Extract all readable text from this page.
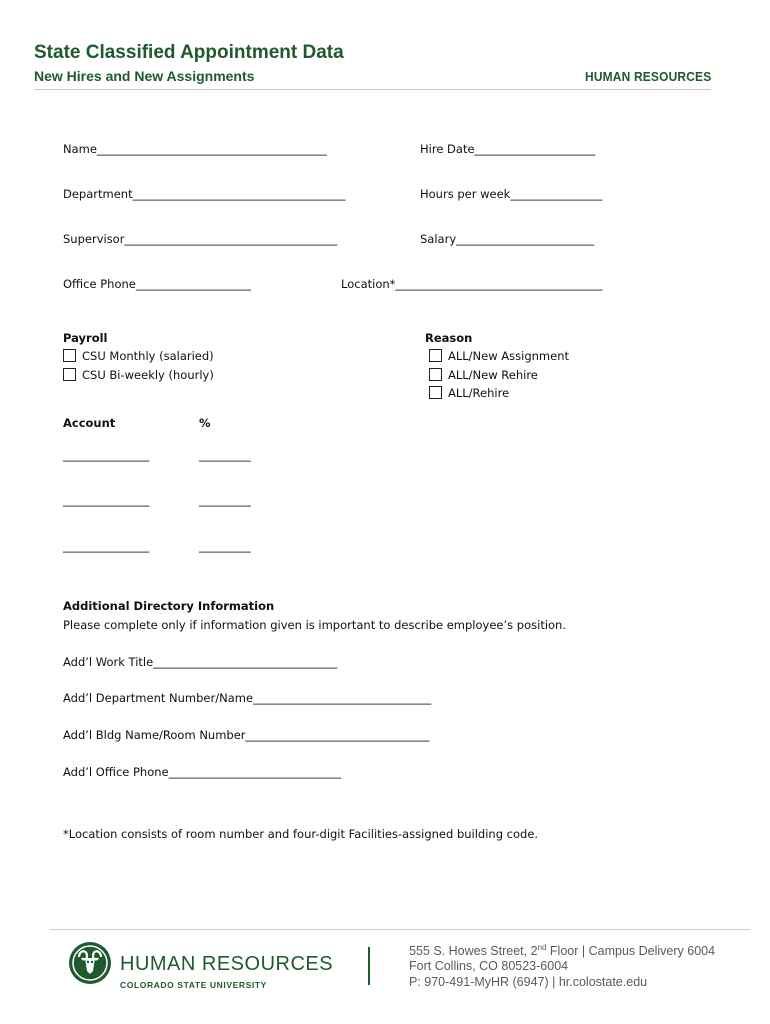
State Classified Appointment Data
New Hires and New Assignments	HUMAN RESOURCES
Name________________________________________	Hire Date_____________________
Department_____________________________________	Hours per week________________
Supervisor_____________________________________	Salary________________________
Office Phone____________________	Location*____________________________________
Payroll
CSU Monthly (salaried)
CSU Bi-weekly (hourly)
Reason
ALL/New Assignment
ALL/New Rehire
ALL/Rehire
Account	%
_______________	_________
_______________	_________
_______________	_________
Additional Directory Information
Please complete only if information given is important to describe employee’s position.
Add’l Work Title________________________________
Add’l Department Number/Name_______________________________
Add’l Bldg Name/Room Number________________________________
Add’l Office Phone______________________________
*Location consists of room number and four-digit Facilities-assigned building code.
HUMAN RESOURCES
COLORADO STATE UNIVERSITY
555 S. Howes Street, 2nd Floor | Campus Delivery 6004
Fort Collins, CO 80523-6004
P: 970-491-MyHR (6947) | hr.colostate.edu
